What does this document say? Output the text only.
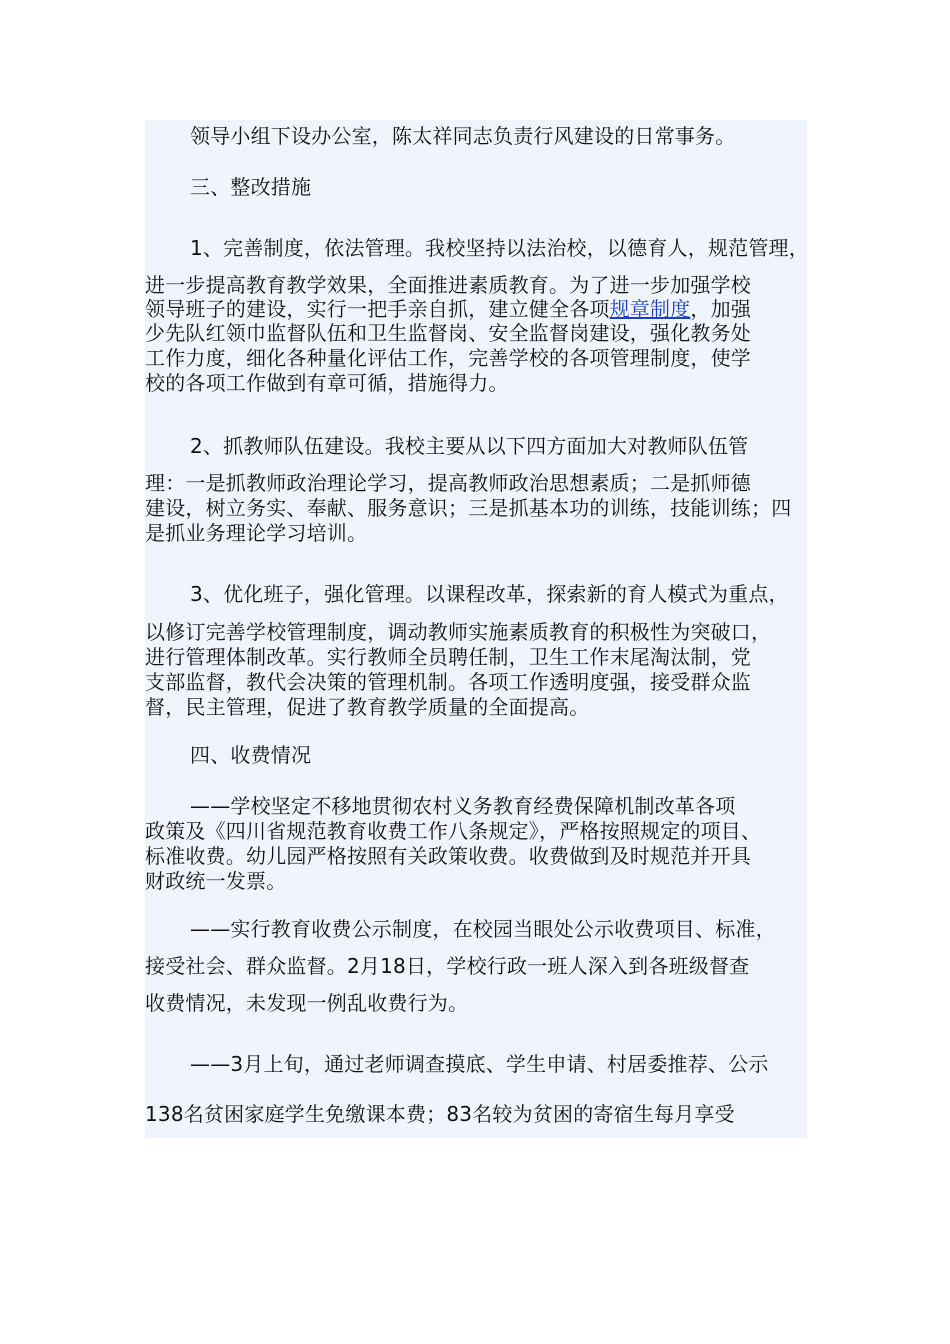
领导小组下设办公室，陈太祥同志负责行风建设的日常事务。
三、整改措施
1、完善制度，依法管理。我校坚持以法治校，以德育人，规范管理，
进一步提高教育教学效果，全面推进素质教育。为了进一步加强学校
领导班子的建设，实行一把手亲自抓，建立健全各项规章制度，加强
少先队红领巾监督队伍和卫生监督岗、安全监督岗建设，强化教务处
工作力度，细化各种量化评估工作，完善学校的各项管理制度，使学
校的各项工作做到有章可循，措施得力。
2、抓教师队伍建设。我校主要从以下四方面加大对教师队伍管
理：一是抓教师政治理论学习，提高教师政治思想素质；二是抓师德
建设，树立务实、奉献、服务意识；三是抓基本功的训练，技能训练；四
是抓业务理论学习培训。
3、优化班子，强化管理。以课程改革，探索新的育人模式为重点，
以修订完善学校管理制度，调动教师实施素质教育的积极性为突破口，
进行管理体制改革。实行教师全员聘任制，卫生工作末尾淘汰制，党
支部监督，教代会决策的管理机制。各项工作透明度强，接受群众监
督，民主管理，促进了教育教学质量的全面提高。
四、收费情况
——学校坚定不移地贯彻农村义务教育经费保障机制改革各项
政策及《四川省规范教育收费工作八条规定》，严格按照规定的项目、
标准收费。幼儿园严格按照有关政策收费。收费做到及时规范并开具
财政统一发票。
——实行教育收费公示制度，在校园当眼处公示收费项目、标准，
接受社会、群众监督。2月18日，学校行政一班人深入到各班级督查
收费情况，未发现一例乱收费行为。
——3月上旬，通过老师调查摸底、学生申请、村居委推荐、公示
138名贫困家庭学生免缴课本费；83名较为贫困的寄宿生每月享受
